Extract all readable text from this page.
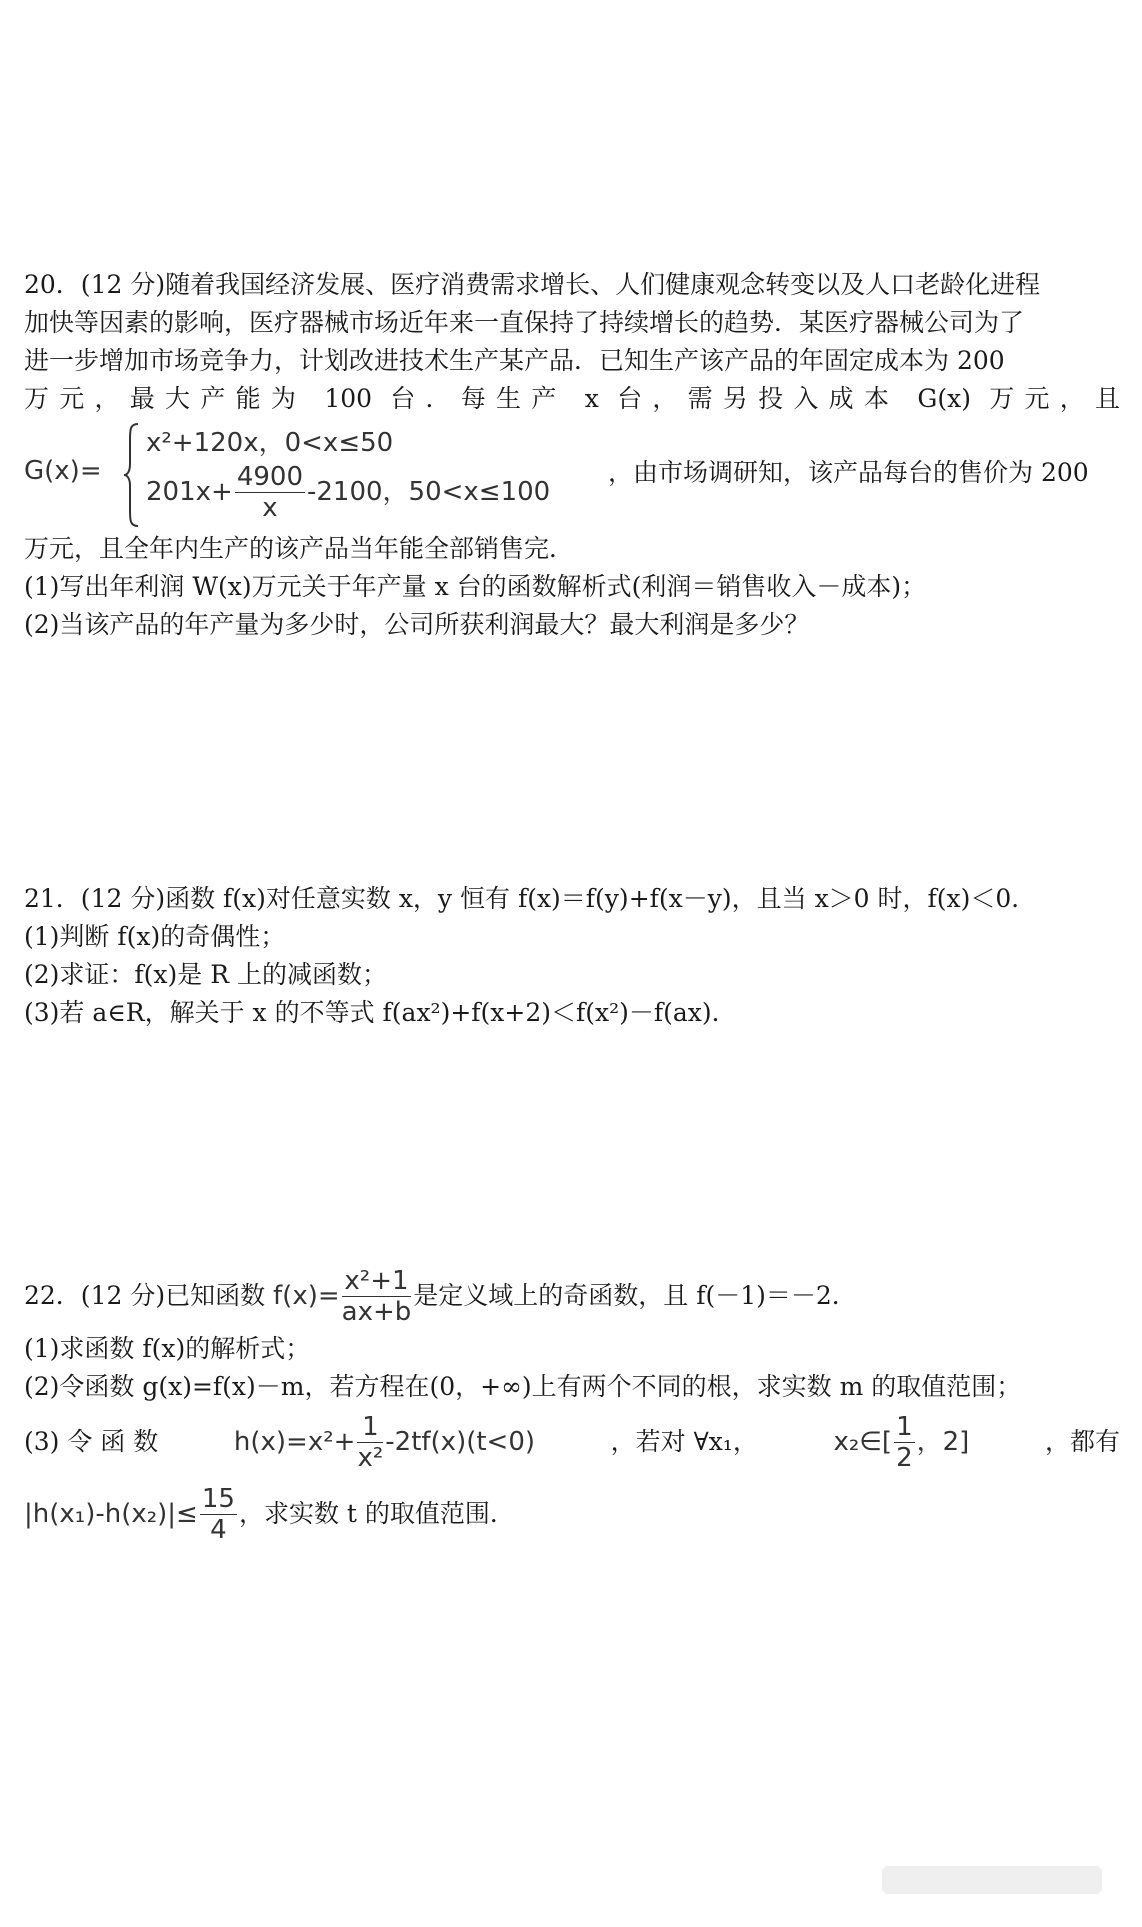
20．(12 分)随着我国经济发展、医疗消费需求增长、人们健康观念转变以及人口老龄化进程
加快等因素的影响，医疗器械市场近年来一直保持了持续增长的趋势．某医疗器械公司为了
进一步增加市场竞争力，计划改进技术生产某产品．已知生产该产品的年固定成本为 200
万元，最大产能为 100 台．每生产 x 台，需另投入成本 G(x) 万元，且
G(x)=
x²+120x，0<x≤50
$201x+ \frac{4900}{x} -2100$，50<x≤100
，由市场调研知，该产品每台的售价为 200
万元，且全年内生产的该产品当年能全部销售完．
(1)写出年利润 W(x)万元关于年产量 x 台的函数解析式(利润＝销售收入－成本)；
(2)当该产品的年产量为多少时，公司所获利润最大？最大利润是多少？
21．(12 分)函数 f(x)对任意实数 x，y 恒有 f(x)＝f(y)+f(x－y)，且当 x＞0 时，f(x)＜0．
(1)判断 f(x)的奇偶性；
(2)求证：f(x)是 R 上的减函数；
(3)若 a∈R，解关于 x 的不等式 f(ax²)+f(x+2)＜f(x²)－f(ax)．
22．(12 分)已知函数 $f(x)= \frac{\text{x²+1}}{ax+b}$ 是定义域上的奇函数，且 f(－1)＝－2．
(1)求函数 f(x)的解析式；
(2)令函数 g(x)=f(x)－m，若方程在(0，+∞)上有两个不同的根，求实数 m 的取值范围；
(3) 令 函 数	$h(x)=x^2+ \frac{1}{\text{x²}} -2tf(x)(t<0)$	，若对 ∀x₁，	x₂∈[ $\frac{1}{2}$ ，2]	，都有
$|h(x_1)-h(x_2)|\le \frac{15}{4}$ ，求实数 t 的取值范围．
